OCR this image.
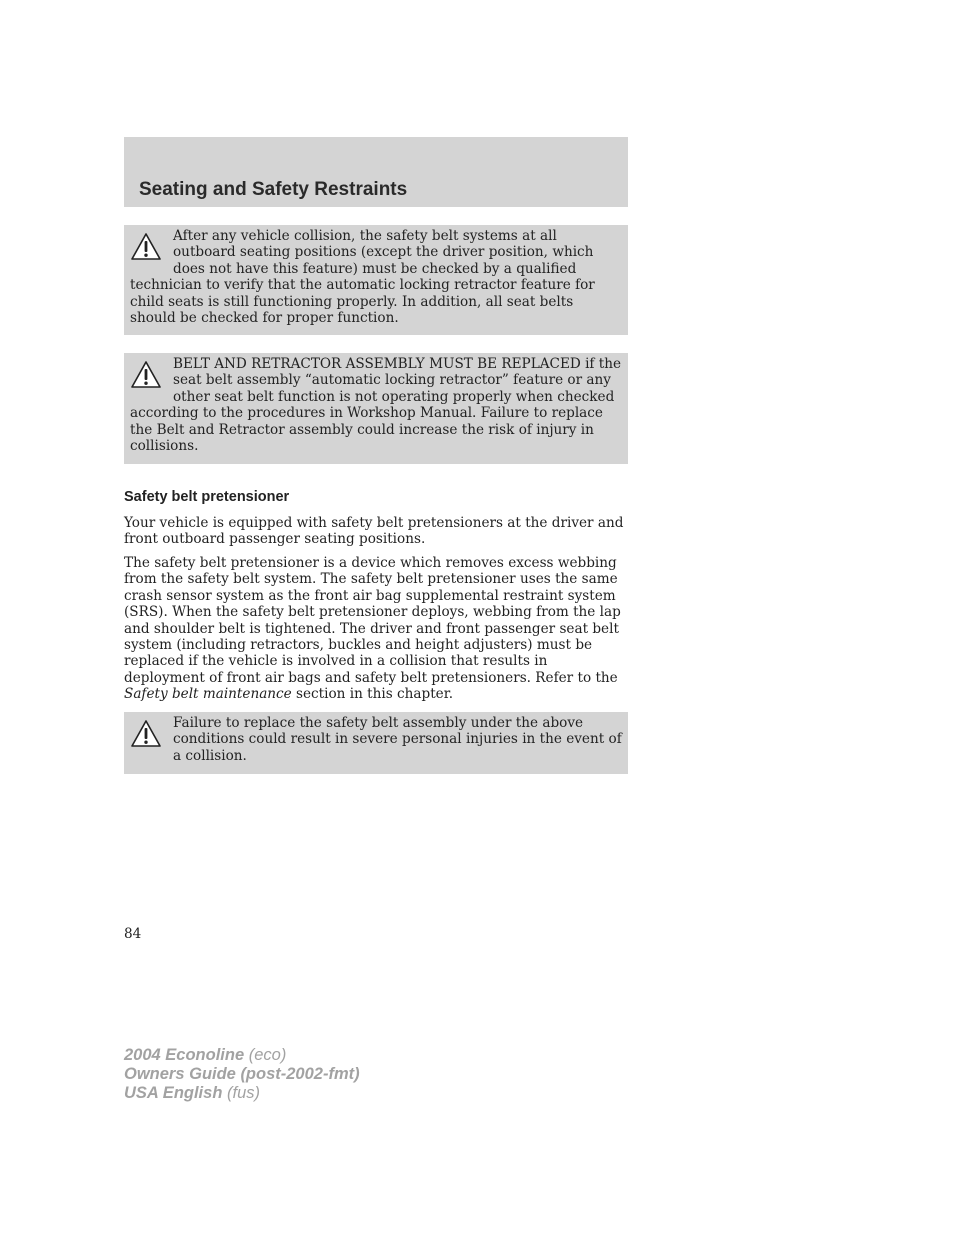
Seating and Safety Restraints

After any vehicle collision, the safety belt systems at all outboard seating positions (except the driver position, which does not have this feature) must be checked by a qualified technician to verify that the automatic locking retractor feature for child seats is still functioning properly. In addition, all seat belts should be checked for proper function.

BELT AND RETRACTOR ASSEMBLY MUST BE REPLACED if the seat belt assembly “automatic locking retractor” feature or any other seat belt function is not operating properly when checked according to the procedures in Workshop Manual. Failure to replace the Belt and Retractor assembly could increase the risk of injury in collisions.

Safety belt pretensioner

Your vehicle is equipped with safety belt pretensioners at the driver and front outboard passenger seating positions.

The safety belt pretensioner is a device which removes excess webbing from the safety belt system. The safety belt pretensioner uses the same crash sensor system as the front air bag supplemental restraint system (SRS). When the safety belt pretensioner deploys, webbing from the lap and shoulder belt is tightened. The driver and front passenger seat belt system (including retractors, buckles and height adjusters) must be replaced if the vehicle is involved in a collision that results in deployment of front air bags and safety belt pretensioners. Refer to the
Safety belt maintenance section in this chapter.

Failure to replace the safety belt assembly under the above conditions could result in severe personal injuries in the event of a collision.

84

2004 Econoline (eco)
Owners Guide (post-2002-fmt)
USA English (fus)
